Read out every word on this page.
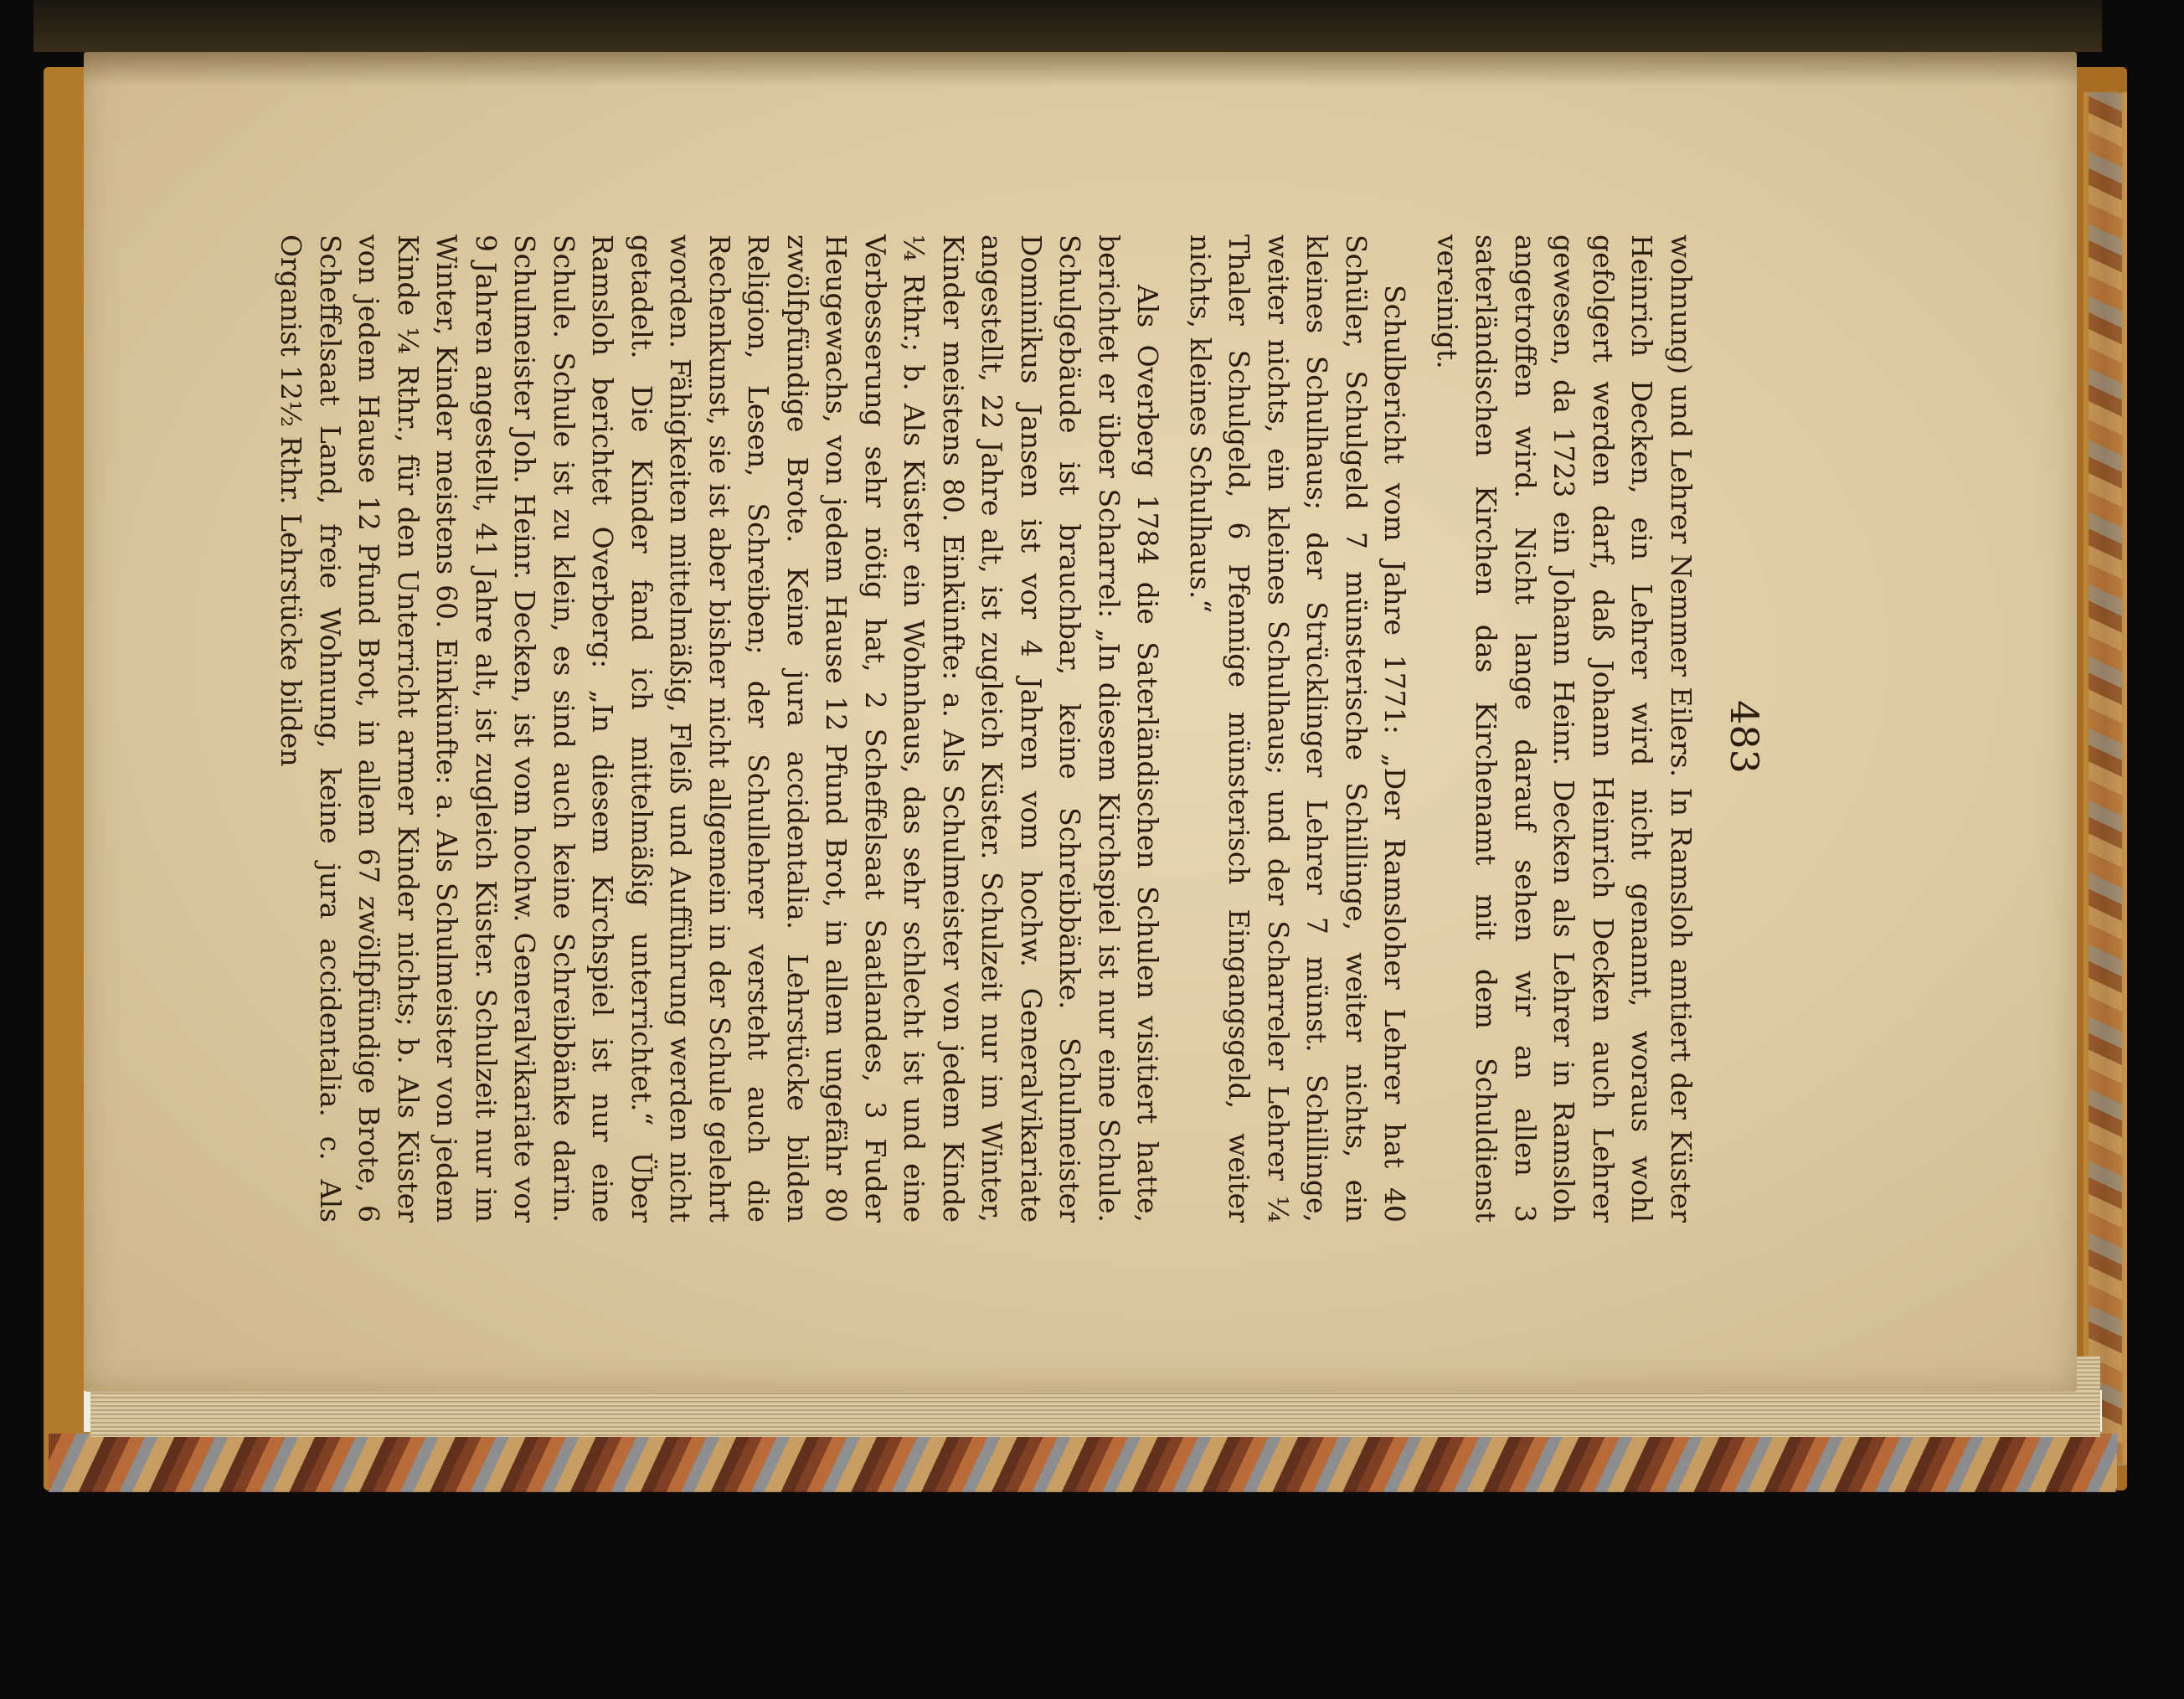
483

wohnung) und Lehrer Nemmer Eilers. In Ramsloh amtiert der Küster Heinrich Decken, ein Lehrer wird nicht genannt, woraus wohl gefolgert werden darf, daß Johann Heinrich Decken auch Lehrer gewesen, da 1723 ein Johann Heinr. Decken als Lehrer in Ramsloh angetroffen wird. Nicht lange darauf sehen wir an allen 3 saterländischen Kirchen das Kirchenamt mit dem Schuldienst vereinigt.

Schulbericht vom Jahre 1771: „Der Ramsloher Lehrer hat 40 Schüler, Schulgeld 7 münsterische Schillinge, weiter nichts, ein kleines Schulhaus; der Strücklinger Lehrer 7 münst. Schillinge, weiter nichts, ein kleines Schulhaus; und der Scharreler Lehrer ¼ Thaler Schulgeld, 6 Pfennige münsterisch Eingangsgeld, weiter nichts, kleines Schulhaus.“

Als Overberg 1784 die Saterländischen Schulen visitiert hatte, berichtet er über Scharrel: „In diesem Kirchspiel ist nur eine Schule. Schulgebäude ist brauchbar, keine Schreibbänke. Schulmeister Dominikus Jansen ist vor 4 Jahren vom hochw. Generalvikariate angestellt, 22 Jahre alt, ist zugleich Küster. Schulzeit nur im Winter, Kinder meistens 80. Einkünfte: a. Als Schulmeister von jedem Kinde ¼ Rthr.; b. Als Küster ein Wohnhaus, das sehr schlecht ist und eine Verbesserung sehr nötig hat, 2 Scheffelsaat Saatlandes, 3 Fuder Heugewachs, von jedem Hause 12 Pfund Brot, in allem ungefähr 80 zwölfpfündige Brote. Keine jura accidentalia. Lehrstücke bilden Religion, Lesen, Schreiben; der Schullehrer versteht auch die Rechenkunst, sie ist aber bisher nicht allgemein in der Schule gelehrt worden. Fähigkeiten mittelmäßig, Fleiß und Aufführung werden nicht getadelt. Die Kinder fand ich mittelmäßig unterrichtet.“ Über Ramsloh berichtet Overberg: „In diesem Kirchspiel ist nur eine Schule. Schule ist zu klein, es sind auch keine Schreibbänke darin. Schulmeister Joh. Heinr. Decken, ist vom hochw. Generalvikariate vor 9 Jahren angestellt, 41 Jahre alt, ist zugleich Küster. Schulzeit nur im Winter, Kinder meistens 60. Einkünfte: a. Als Schulmeister von jedem Kinde ¼ Rthr., für den Unterricht armer Kinder nichts; b. Als Küster von jedem Hause 12 Pfund Brot, in allem 67 zwölfpfündige Brote, 6 Scheffelsaat Land, freie Wohnung, keine jura accidentalia. c. Als Organist 12½ Rthr. Lehrstücke bilden
